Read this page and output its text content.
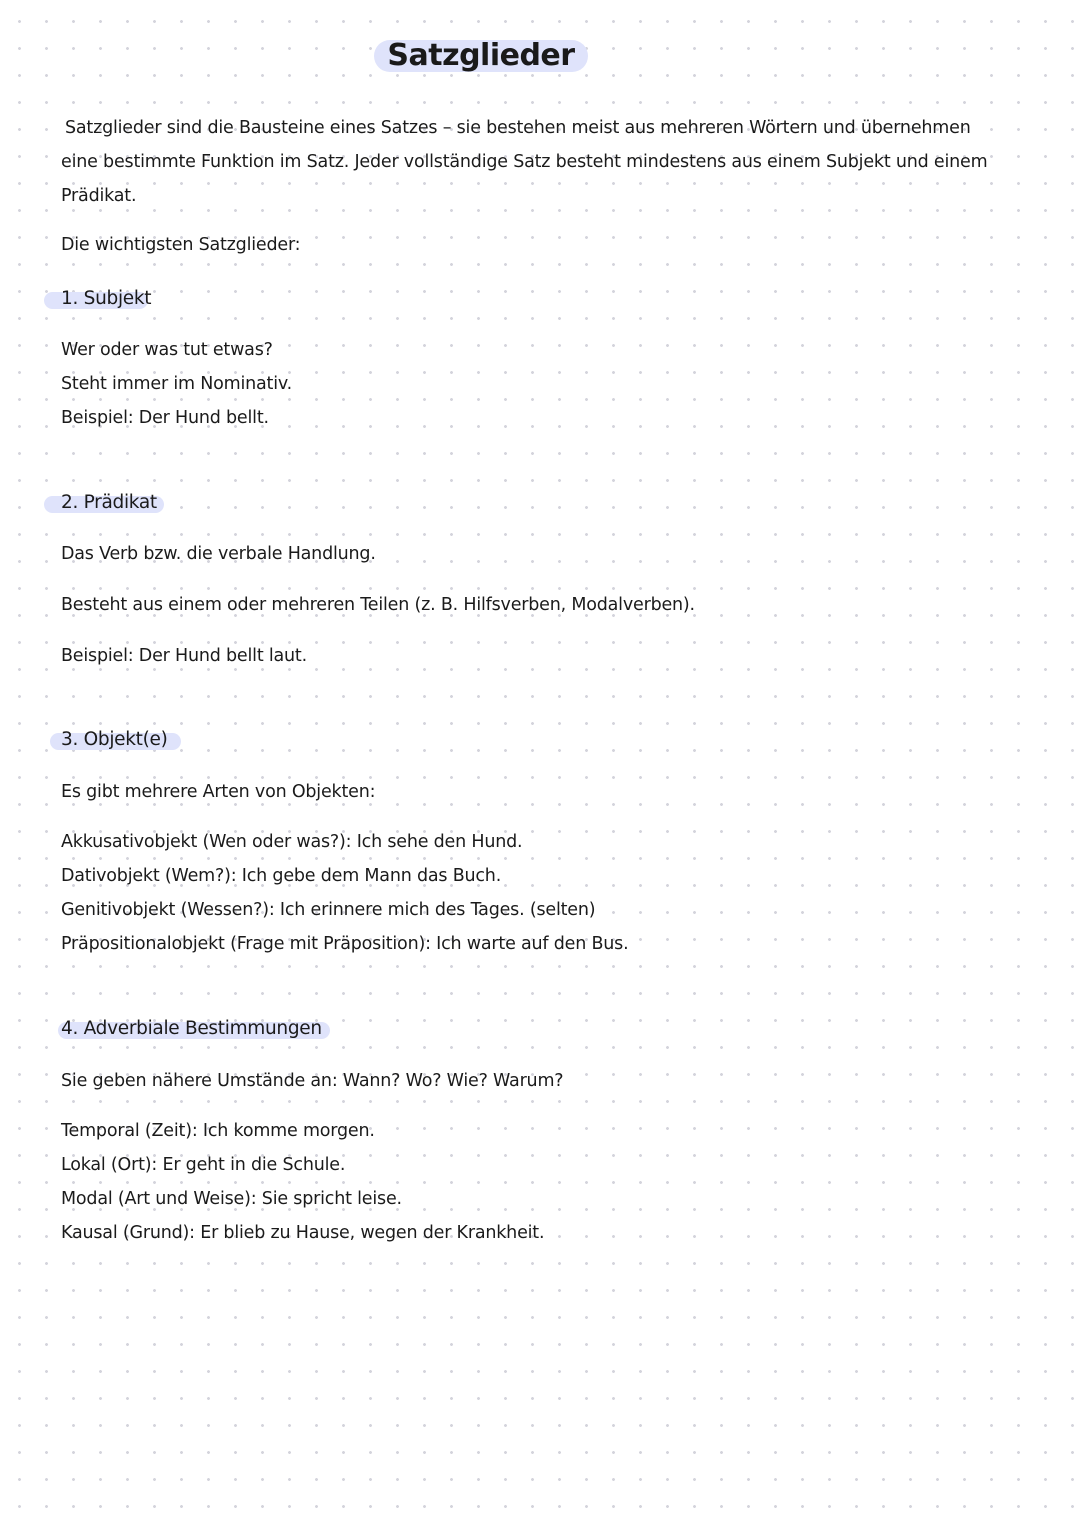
Satzglieder
Satzglieder sind die Bausteine eines Satzes – sie bestehen meist aus mehreren Wörtern und übernehmen
eine bestimmte Funktion im Satz. Jeder vollständige Satz besteht mindestens aus einem Subjekt und einem
Prädikat.
Die wichtigsten Satzglieder:
1. Subjekt
Wer oder was tut etwas?
Steht immer im Nominativ.
Beispiel: Der Hund bellt.
2. Prädikat
Das Verb bzw. die verbale Handlung.
Besteht aus einem oder mehreren Teilen (z. B. Hilfsverben, Modalverben).
Beispiel: Der Hund bellt laut.
3. Objekt(e)
Es gibt mehrere Arten von Objekten:
Akkusativobjekt (Wen oder was?): Ich sehe den Hund.
Dativobjekt (Wem?): Ich gebe dem Mann das Buch.
Genitivobjekt (Wessen?): Ich erinnere mich des Tages. (selten)
Präpositionalobjekt (Frage mit Präposition): Ich warte auf den Bus.
4. Adverbiale Bestimmungen
Sie geben nähere Umstände an: Wann? Wo? Wie? Warum?
Temporal (Zeit): Ich komme morgen.
Lokal (Ort): Er geht in die Schule.
Modal (Art und Weise): Sie spricht leise.
Kausal (Grund): Er blieb zu Hause, wegen der Krankheit.
